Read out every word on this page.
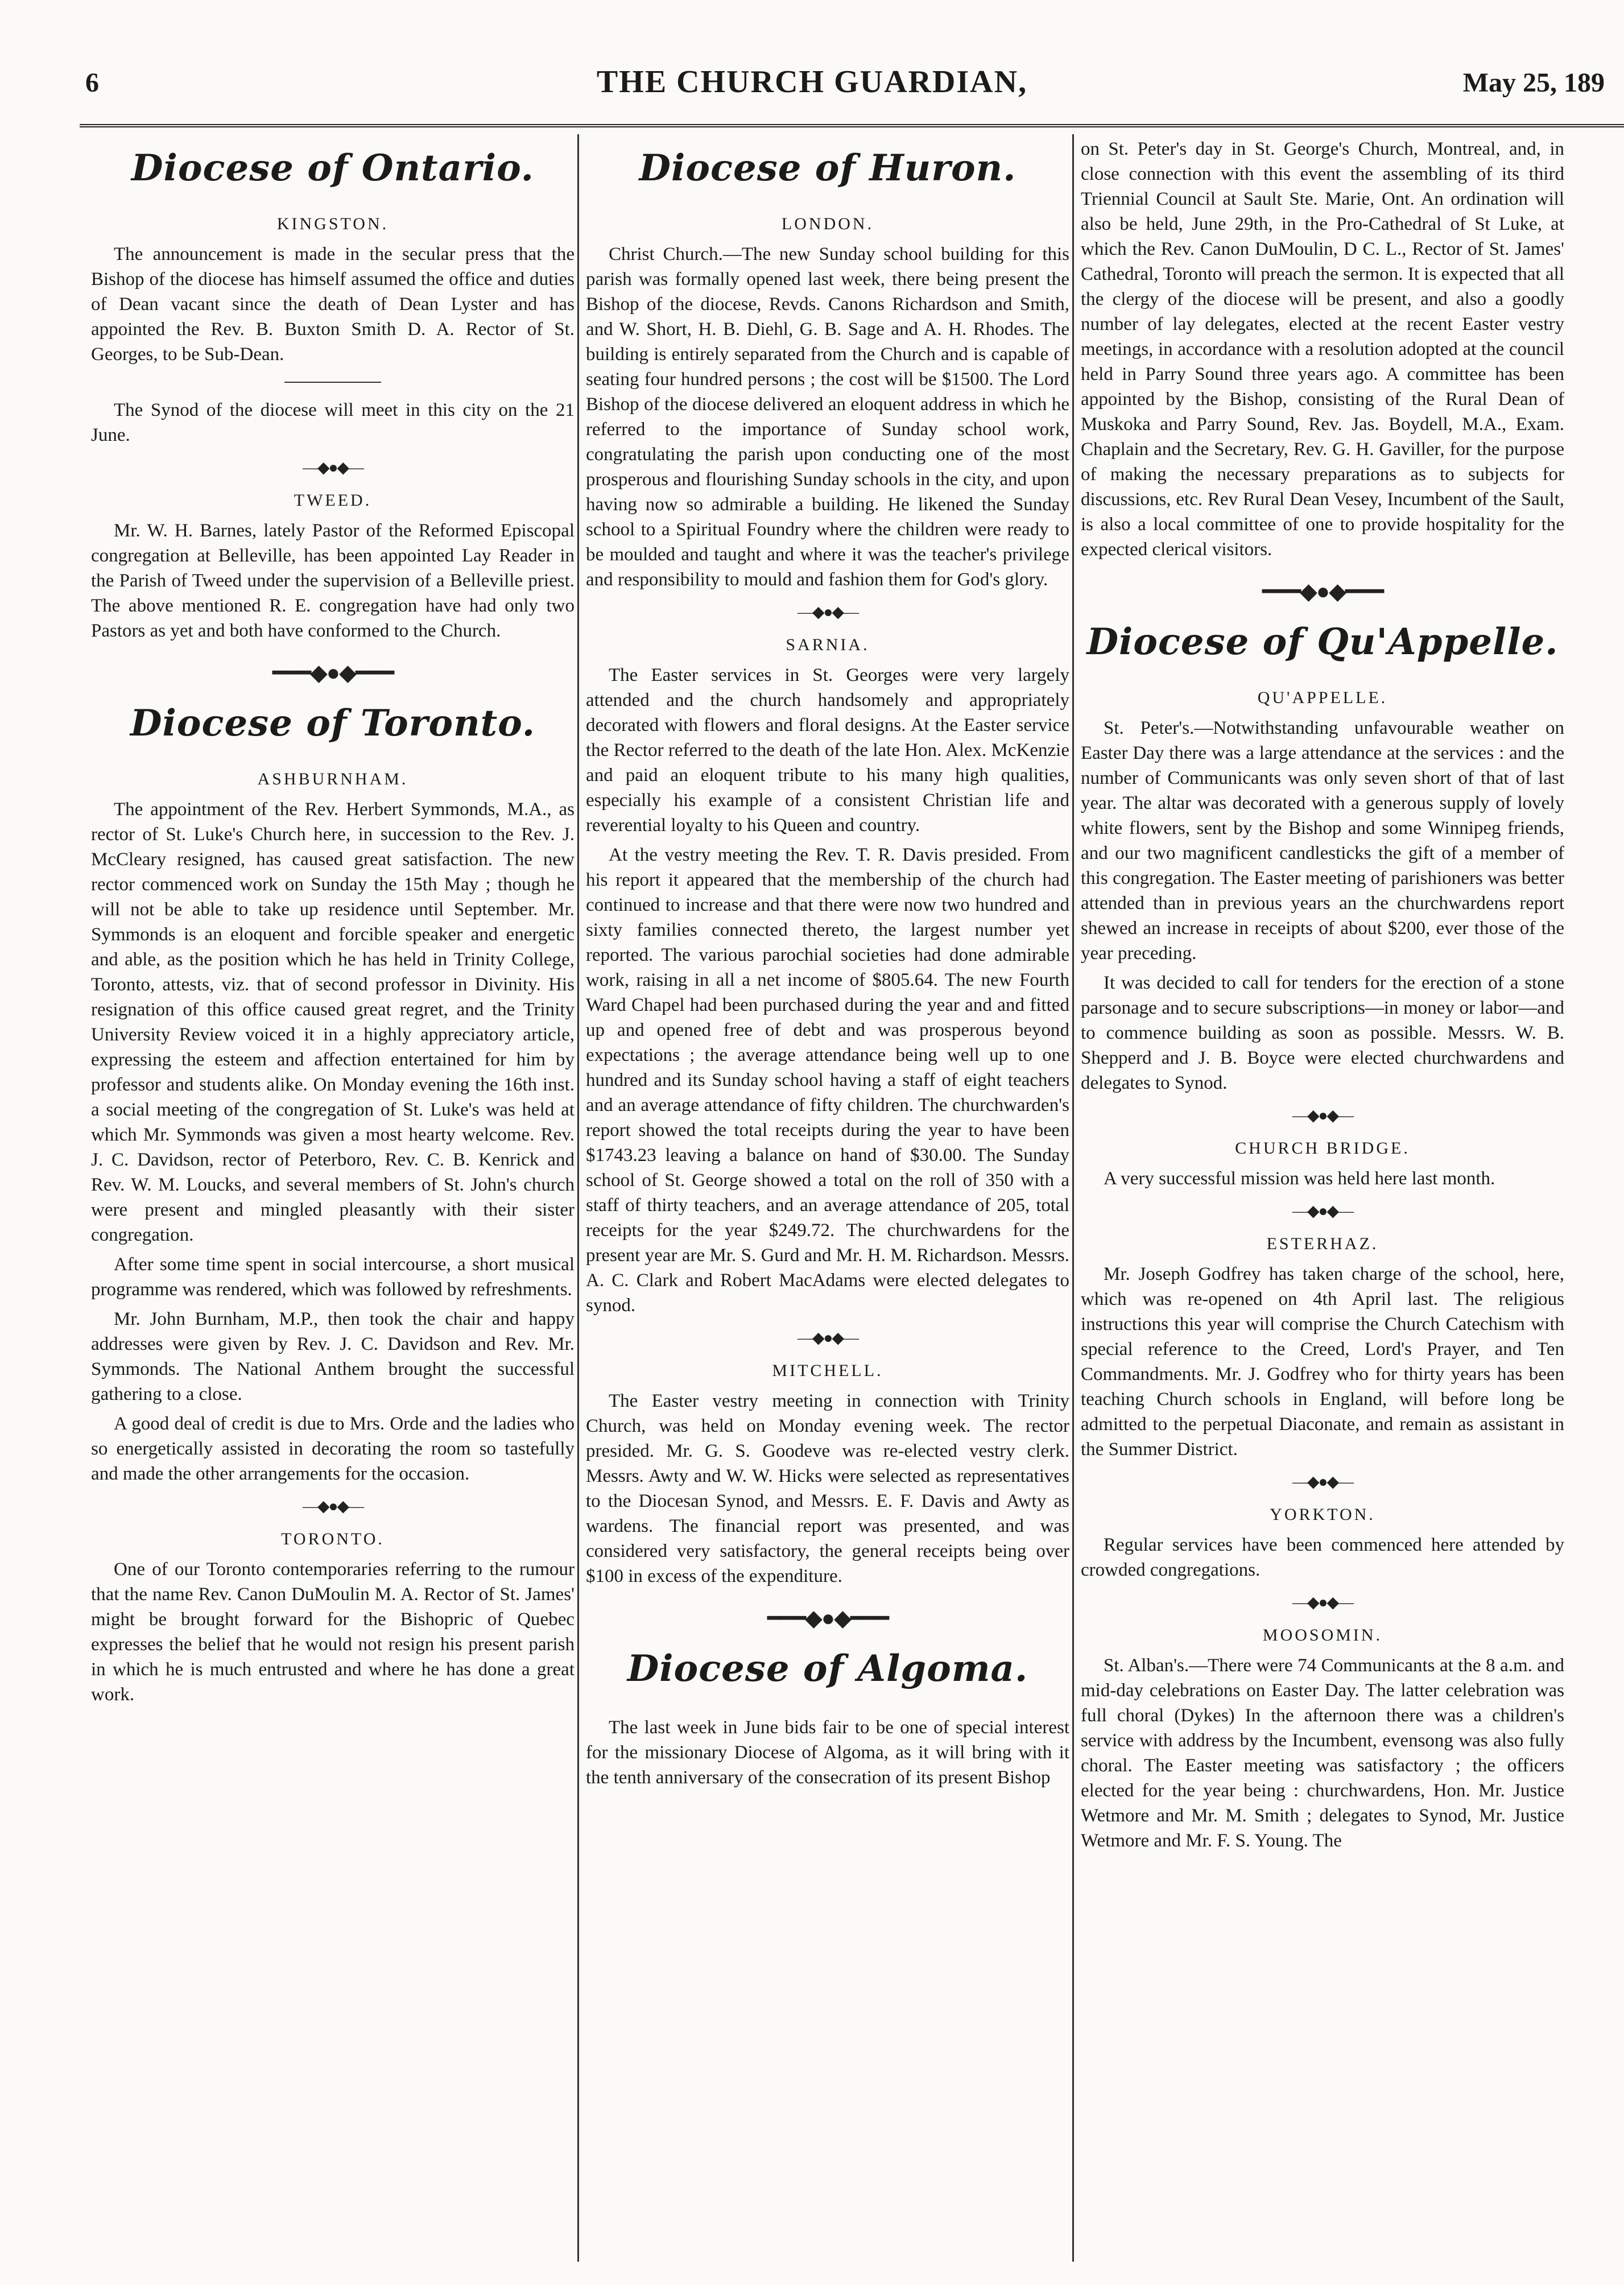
6	THE CHURCH GUARDIAN,	May 25, 189
Diocese of Ontario.
KINGSTON.

The announcement is made in the secular press that the Bishop of the diocese has himself assumed the office and duties of Dean vacant since the death of Dean Lyster and has appointed the Rev. B. Buxton Smith D. A. Rector of St. Georges, to be Sub-Dean.

The Synod of the diocese will meet in this city on the 21 June.

—◆●◆—
TWEED.

Mr. W. H. Barnes, lately Pastor of the Reformed Episcopal congregation at Belleville, has been appointed Lay Reader in the Parish of Tweed under the supervision of a Belleville priest. The above mentioned R. E. congregation have had only two Pastors as yet and both have conformed to the Church.

━━━◆●◆━━━
Diocese of Toronto.
ASHBURNHAM.

The appointment of the Rev. Herbert Symmonds, M.A., as rector of St. Luke's Church here, in succession to the Rev. J. McCleary resigned, has caused great satisfaction. The new rector commenced work on Sunday the 15th May ; though he will not be able to take up residence until September. Mr. Symmonds is an eloquent and forcible speaker and energetic and able, as the position which he has held in Trinity College, Toronto, attests, viz. that of second professor in Divinity. His resignation of this office caused great regret, and the Trinity University Review voiced it in a highly appreciatory article, expressing the esteem and affection entertained for him by professor and students alike. On Monday evening the 16th inst. a social meeting of the congregation of St. Luke's was held at which Mr. Symmonds was given a most hearty welcome. Rev. J. C. Davidson, rector of Peterboro, Rev. C. B. Kenrick and Rev. W. M. Loucks, and several members of St. John's church were present and mingled pleasantly with their sister congregation.

After some time spent in social intercourse, a short musical programme was rendered, which was followed by refreshments.

Mr. John Burnham, M.P., then took the chair and happy addresses were given by Rev. J. C. Davidson and Rev. Mr. Symmonds. The National Anthem brought the successful gathering to a close.

A good deal of credit is due to Mrs. Orde and the ladies who so energetically assisted in decorating the room so tastefully and made the other arrangements for the occasion.

—◆●◆—
TORONTO.

One of our Toronto contemporaries referring to the rumour that the name Rev. Canon DuMoulin M. A. Rector of St. James' might be brought forward for the Bishopric of Quebec expresses the belief that he would not resign his present parish in which he is much entrusted and where he has done a great work.

Diocese of Huron.
LONDON.

Christ Church.—The new Sunday school building for this parish was formally opened last week, there being present the Bishop of the diocese, Revds. Canons Richardson and Smith, and W. Short, H. B. Diehl, G. B. Sage and A. H. Rhodes. The building is entirely separated from the Church and is capable of seating four hundred persons ; the cost will be $1500. The Lord Bishop of the diocese delivered an eloquent address in which he referred to the importance of Sunday school work, congratulating the parish upon conducting one of the most prosperous and flourishing Sunday schools in the city, and upon having now so admirable a building. He likened the Sunday school to a Spiritual Foundry where the children were ready to be moulded and taught and where it was the teacher's privilege and responsibility to mould and fashion them for God's glory.

—◆●◆—
SARNIA.

The Easter services in St. Georges were very largely attended and the church handsomely and appropriately decorated with flowers and floral designs. At the Easter service the Rector referred to the death of the late Hon. Alex. McKenzie and paid an eloquent tribute to his many high qualities, especially his example of a consistent Christian life and reverential loyalty to his Queen and country.

At the vestry meeting the Rev. T. R. Davis presided. From his report it appeared that the membership of the church had continued to increase and that there were now two hundred and sixty families connected thereto, the largest number yet reported. The various parochial societies had done admirable work, raising in all a net income of $805.64. The new Fourth Ward Chapel had been purchased during the year and and fitted up and opened free of debt and was prosperous beyond expectations ; the average attendance being well up to one hundred and its Sunday school having a staff of eight teachers and an average attendance of fifty children. The churchwarden's report showed the total receipts during the year to have been $1743.23 leaving a balance on hand of $30.00. The Sunday school of St. George showed a total on the roll of 350 with a staff of thirty teachers, and an average attendance of 205, total receipts for the year $249.72. The churchwardens for the present year are Mr. S. Gurd and Mr. H. M. Richardson. Messrs. A. C. Clark and Robert MacAdams were elected delegates to synod.

—◆●◆—
MITCHELL.

The Easter vestry meeting in connection with Trinity Church, was held on Monday evening week. The rector presided. Mr. G. S. Goodeve was re-elected vestry clerk. Messrs. Awty and W. W. Hicks were selected as representatives to the Diocesan Synod, and Messrs. E. F. Davis and Awty as wardens. The financial report was presented, and was considered very satisfactory, the general receipts being over $100 in excess of the expenditure.

━━━◆●◆━━━
Diocese of Algoma.

The last week in June bids fair to be one of special interest for the missionary Diocese of Algoma, as it will bring with it the tenth anniversary of the consecration of its present Bishop

on St. Peter's day in St. George's Church, Montreal, and, in close connection with this event the assembling of its third Triennial Council at Sault Ste. Marie, Ont. An ordination will also be held, June 29th, in the Pro-Cathedral of St Luke, at which the Rev. Canon DuMoulin, D C. L., Rector of St. James' Cathedral, Toronto will preach the sermon. It is expected that all the clergy of the diocese will be present, and also a goodly number of lay delegates, elected at the recent Easter vestry meetings, in accordance with a resolution adopted at the council held in Parry Sound three years ago. A committee has been appointed by the Bishop, consisting of the Rural Dean of Muskoka and Parry Sound, Rev. Jas. Boydell, M.A., Exam. Chaplain and the Secretary, Rev. G. H. Gaviller, for the purpose of making the necessary preparations as to subjects for discussions, etc. Rev Rural Dean Vesey, Incumbent of the Sault, is also a local committee of one to provide hospitality for the expected clerical visitors.

━━━◆●◆━━━
Diocese of Qu'Appelle.
QU'APPELLE.

St. Peter's.—Notwithstanding unfavourable weather on Easter Day there was a large attendance at the services : and the number of Communicants was only seven short of that of last year. The altar was decorated with a generous supply of lovely white flowers, sent by the Bishop and some Winnipeg friends, and our two magnificent candlesticks the gift of a member of this congregation. The Easter meeting of parishioners was better attended than in previous years an the churchwardens report shewed an increase in receipts of about $200, ever those of the year preceding.

It was decided to call for tenders for the erection of a stone parsonage and to secure subscriptions—in money or labor—and to commence building as soon as possible. Messrs. W. B. Shepperd and J. B. Boyce were elected churchwardens and delegates to Synod.

—◆●◆—
CHURCH BRIDGE.

A very successful mission was held here last month.

—◆●◆—
ESTERHAZ.

Mr. Joseph Godfrey has taken charge of the school, here, which was re-opened on 4th April last. The religious instructions this year will comprise the Church Catechism with special reference to the Creed, Lord's Prayer, and Ten Commandments. Mr. J. Godfrey who for thirty years has been teaching Church schools in England, will before long be admitted to the perpetual Diaconate, and remain as assistant in the Summer District.

—◆●◆—
YORKTON.

Regular services have been commenced here attended by crowded congregations.

—◆●◆—
MOOSOMIN.

St. Alban's.—There were 74 Communicants at the 8 a.m. and mid-day celebrations on Easter Day. The latter celebration was full choral (Dykes) In the afternoon there was a children's service with address by the Incumbent, evensong was also fully choral. The Easter meeting was satisfactory ; the officers elected for the year being : churchwardens, Hon. Mr. Justice Wetmore and Mr. M. Smith ; delegates to Synod, Mr. Justice Wetmore and Mr. F. S. Young. The
